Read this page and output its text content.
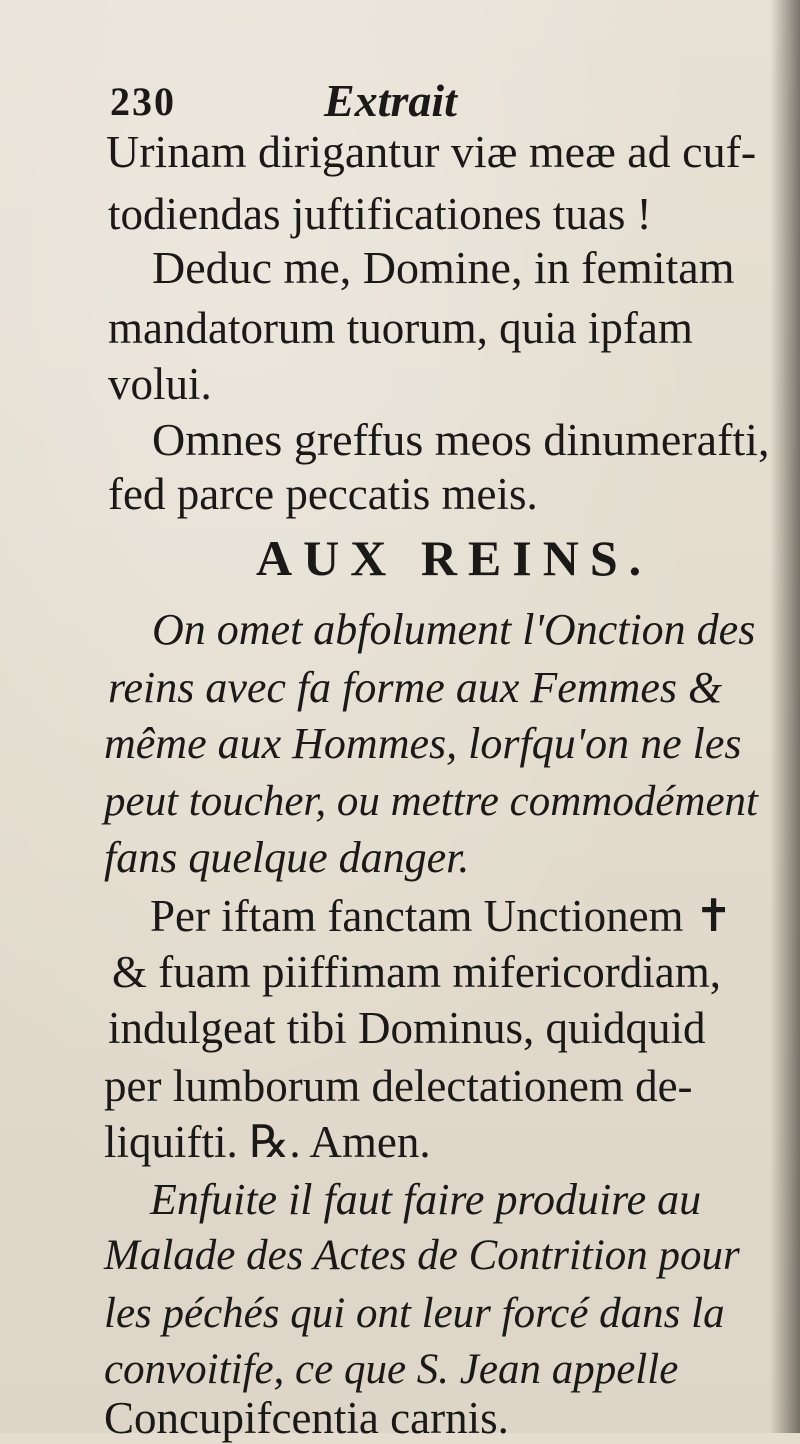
230	Extrait
Urinam dirigantur viæ meæ ad cuf-
todiendas juftificationes tuas !
Deduc me, Domine, in femitam
mandatorum tuorum, quia ipfam
volui.
Omnes greffus meos dinumerafti,
fed parce peccatis meis.
AUX REINS.
On omet abfolument l'Onction des
reins avec fa forme aux Femmes &
même aux Hommes, lorfqu'on ne les
peut toucher, ou mettre commodément
fans quelque danger.
Per iftam fanctam Unctionem ✝
& fuam piiffimam mifericordiam,
indulgeat tibi Dominus, quidquid
per lumborum delectationem de-
liquifti. ℞. Amen.
Enfuite il faut faire produire au
Malade des Actes de Contrition pour
les péchés qui ont leur forcé dans la
convoitife, ce que S. Jean appelle
Concupifcentia carnis.
